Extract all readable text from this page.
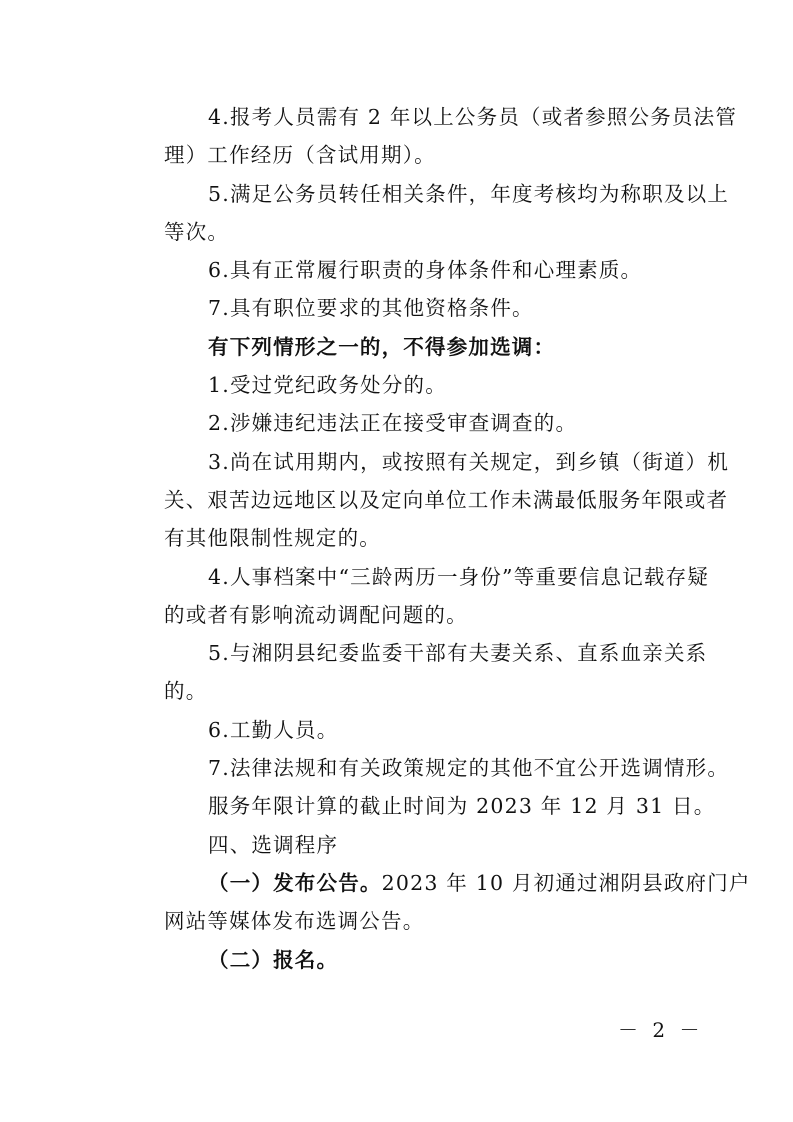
4.报考人员需有 2 年以上公务员（或者参照公务员法管
理）工作经历（含试用期）。
5.满足公务员转任相关条件，年度考核均为称职及以上
等次。
6.具有正常履行职责的身体条件和心理素质。
7.具有职位要求的其他资格条件。
有下列情形之一的，不得参加选调：
1.受过党纪政务处分的。
2.涉嫌违纪违法正在接受审查调查的。
3.尚在试用期内，或按照有关规定，到乡镇（街道）机
关、艰苦边远地区以及定向单位工作未满最低服务年限或者
有其他限制性规定的。
4.人事档案中“三龄两历一身份”等重要信息记载存疑
的或者有影响流动调配问题的。
5.与湘阴县纪委监委干部有夫妻关系、直系血亲关系
的。
6.工勤人员。
7.法律法规和有关政策规定的其他不宜公开选调情形。
服务年限计算的截止时间为 2023 年 12 月 31 日。
四、选调程序
（一）发布公告。2023 年 10 月初通过湘阴县政府门户
网站等媒体发布选调公告。
（二）报名。
－ 2 －
